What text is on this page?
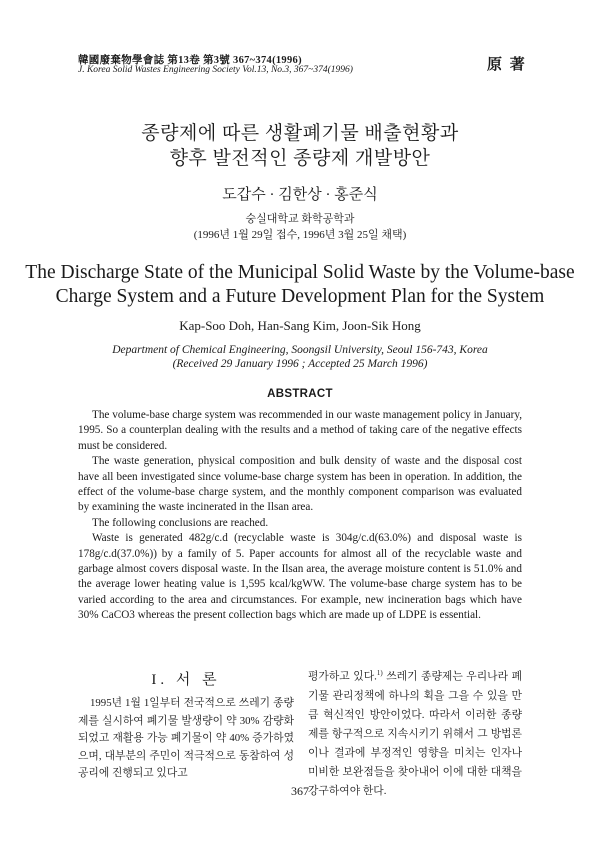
韓國廢棄物學會誌 第13卷 第3號 367~374(1996)
J. Korea Solid Wastes Engineering Society Vol.13, No.3, 367~374(1996)	原 著
종량제에 따른 생활폐기물 배출현황과
향후 발전적인 종량제 개발방안
도갑수 · 김한상 · 홍준식
숭실대학교 화학공학과
(1996년 1월 29일 접수, 1996년 3월 25일 채택)
The Discharge State of the Municipal Solid Waste by the Volume-base
Charge System and a Future Development Plan for the System
Kap-Soo Doh, Han-Sang Kim, Joon-Sik Hong
Department of Chemical Engineering, Soongsil University, Seoul 156-743, Korea
(Received 29 January 1996 ; Accepted 25 March 1996)
ABSTRACT

The volume-base charge system was recommended in our waste management policy in January, 1995. So a counterplan dealing with the results and a method of taking care of the negative effects must be considered.

The waste generation, physical composition and bulk density of waste and the disposal cost have all been investigated since volume-base charge system has been in operation. In addition, the effect of the volume-base charge system, and the monthly component comparison was evaluated by examining the waste incinerated in the Ilsan area.

The following conclusions are reached.

Waste is generated 482g/c.d (recyclable waste is 304g/c.d(63.0%) and disposal waste is 178g/c.d(37.0%)) by a family of 5. Paper accounts for almost all of the recyclable waste and garbage almost covers disposal waste. In the Ilsan area, the average moisture content is 51.0% and the average lower heating value is 1,595 kcal/kgWW. The volume-base charge system has to be varied according to the area and circumstances. For example, new incineration bags which have 30% CaCO3 whereas the present collection bags which are made up of LDPE is essential.

I. 서 론

1995년 1월 1일부터 전국적으로 쓰레기 종량제를 실시하여 폐기물 발생량이 약 30% 감량화되었고 재활용 가능 폐기물이 약 40% 증가하였으며, 대부분의 주민이 적극적으로 동참하여 성공리에 진행되고 있다고

평가하고 있다.$^{1)}$ 쓰레기 종량제는 우리나라 폐기물 관리정책에 하나의 획을 그을 수 있을 만큼 혁신적인 방안이었다. 따라서 이러한 종량제를 항구적으로 지속시키기 위해서 그 방법론이나 결과에 부정적인 영향을 미치는 인자나 미비한 보완점들을 찾아내어 이에 대한 대책을 강구하여야 한다.

367
